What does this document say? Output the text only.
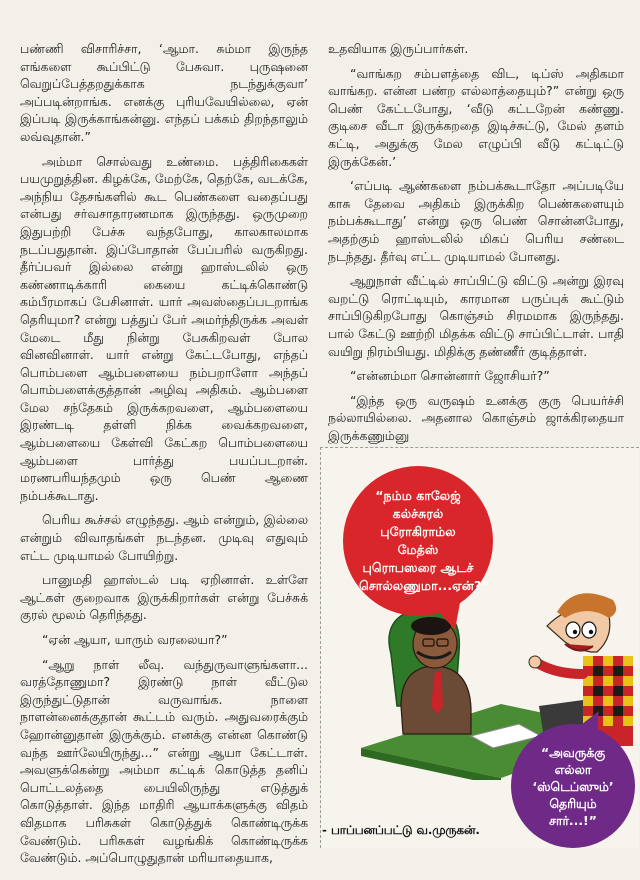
பண்ணி விசாரிச்சா, ‘ஆமா. சும்மா இருந்த எங்களை கூப்பிட்டு பேசுவா. புருஷனை வெறுப்பேத்தறதுக்காக நடந்துக்குவா’ அப்படின்றாங்க. எனக்கு புரியவேயில்லை, ஏன் இப்படி இருக்காங்கன்னு. எந்தப் பக்கம் திறந்தாலும் லவ்வுதான்.”

அம்மா சொல்வது உண்மை. பத்திரிகைகள் பயமுறுத்தின. கிழக்கே, மேற்கே, தெற்கே, வடக்கே, அந்நிய தேசங்களில் கூட பெண்களை வதைப்பது என்பது சர்வசாதாரணமாக இருந்தது. ஒருமுறை இதுபற்றி பேச்சு வந்தபோது, காலகாலமாக நடப்பதுதான். இப்போதான் பேப்பரில் வருகிறது. தீர்ப்பவர் இல்லை என்று ஹாஸ்டலில் ஒரு கண்ணாடிக்காரி கையை கட்டிக்கொண்டு கம்பீரமாகப் பேசினாள். யார் அவஸ்தைப்படறாங்க தெரியுமா? என்று பத்துப் பேர் அமர்ந்திருக்க அவள் மேடை மீது நின்று பேசுகிறவள் போல வினவினாள். யார் என்று கேட்டபோது, எந்தப் பொம்பளை ஆம்பளையை நம்பறாளோ அந்தப் பொம்பளைக்குத்தான் அழிவு அதிகம். ஆம்பளை மேல சந்தேகம் இருக்கறவளை, ஆம்பளையை இரண்டடி தள்ளி நிக்க வைக்கறவளை, ஆம்பளையை கேள்வி கேட்கற பொம்பளையை ஆம்பளை பார்த்து பயப்படறான். மரணபரியந்தமும் ஒரு பெண் ஆணை நம்பக்கூடாது.

பெரிய கூச்சல் எழுந்தது. ஆம் என்றும், இல்லை என்றும் விவாதங்கள் நடந்தன. முடிவு எதுவும் எட்ட முடியாமல் போயிற்று.

பானுமதி ஹாஸ்டல் படி ஏறினாள். உள்ளே ஆட்கள் குறைவாக இருக்கிறார்கள் என்று பேச்சுக் குரல் மூலம் தெரிந்தது.

“ஏன் ஆயா, யாரும் வரலையா?”

“ஆறு நாள் லீவு. வந்துருவாளுங்களா... வரத்தோணுமா? இரண்டு நாள் வீட்டுல இருந்துட்டுதான் வருவாங்க. நாளை நாளன்னைக்குதான் கூட்டம் வரும். அதுவரைக்கும் ஹோன்னுதான் இருக்கும். எனக்கு என்ன கொண்டு வந்த ஊர்லேயிருந்து...” என்று ஆயா கேட்டாள். அவளுக்கென்று அம்மா கட்டிக் கொடுத்த தனிப் பொட்டலத்தை பையிலிருந்து எடுத்துக் கொடுத்தாள். இந்த மாதிரி ஆயாக்களுக்கு விதம் விதமாக பரிசுகள் கொடுத்துக் கொண்டிருக்க வேண்டும். பரிசுகள் வழங்கிக் கொண்டிருக்க வேண்டும். அப்பொழுதுதான் மரியாதையாக,

உதவியாக இருப்பார்கள்.

“வாங்கற சம்பளத்தை விட, டிப்ஸ் அதிகமா வாங்கற. என்ன பண்ற எல்லாத்தையும்?” என்று ஒரு பெண் கேட்டபோது, ‘வீடு கட்டறேன் கண்ணு. குடிசை வீடா இருக்கறதை இடிச்சுட்டு, மேல் தளம் கட்டி, அதுக்கு மேல எழுப்பி வீடு கட்டிட்டு இருக்கேன்.’

‘எப்படி ஆண்களை நம்பக்கூடாதோ அப்படியே காசு தேவை அதிகம் இருக்கிற பெண்களையும் நம்பக்கூடாது’ என்று ஒரு பெண் சொன்னபோது, அதற்கும் ஹாஸ்டலில் மிகப் பெரிய சண்டை நடந்தது. தீர்வு எட்ட முடியாமல் போனது.

ஆறுநாள் வீட்டில் சாப்பிட்டு விட்டு அன்று இரவு வறட்டு ரொட்டியும், காரமான பருப்புக் கூட்டும் சாப்பிடுகிறபோது கொஞ்சம் சிரமமாக இருந்தது. பால் கேட்டு ஊற்றி மிதக்க விட்டு சாப்பிட்டாள். பாதி வயிறு நிரம்பியது. மிதிக்கு தண்ணீர் குடித்தாள்.

“என்னம்மா சொன்னார் ஜோசியர்?”

“இந்த ஒரு வருஷம் உனக்கு குரு பெயர்ச்சி நல்லாயில்லை. அதனால கொஞ்சம் ஜாக்கிரதையா இருக்கணும்னு

“நம்ம காலேஜ் கல்ச்சுரல் புரோகிராம்ல மேத்ஸ் புரொபஸரை ஆடச் சொல்லணுமா...ஏன்?”
“அவருக்கு எல்லா ‘ஸ்டெப்ஸும்’ தெரியும் சார்...!”
- பாப்பனப்பட்டு வ.முருகன்.
